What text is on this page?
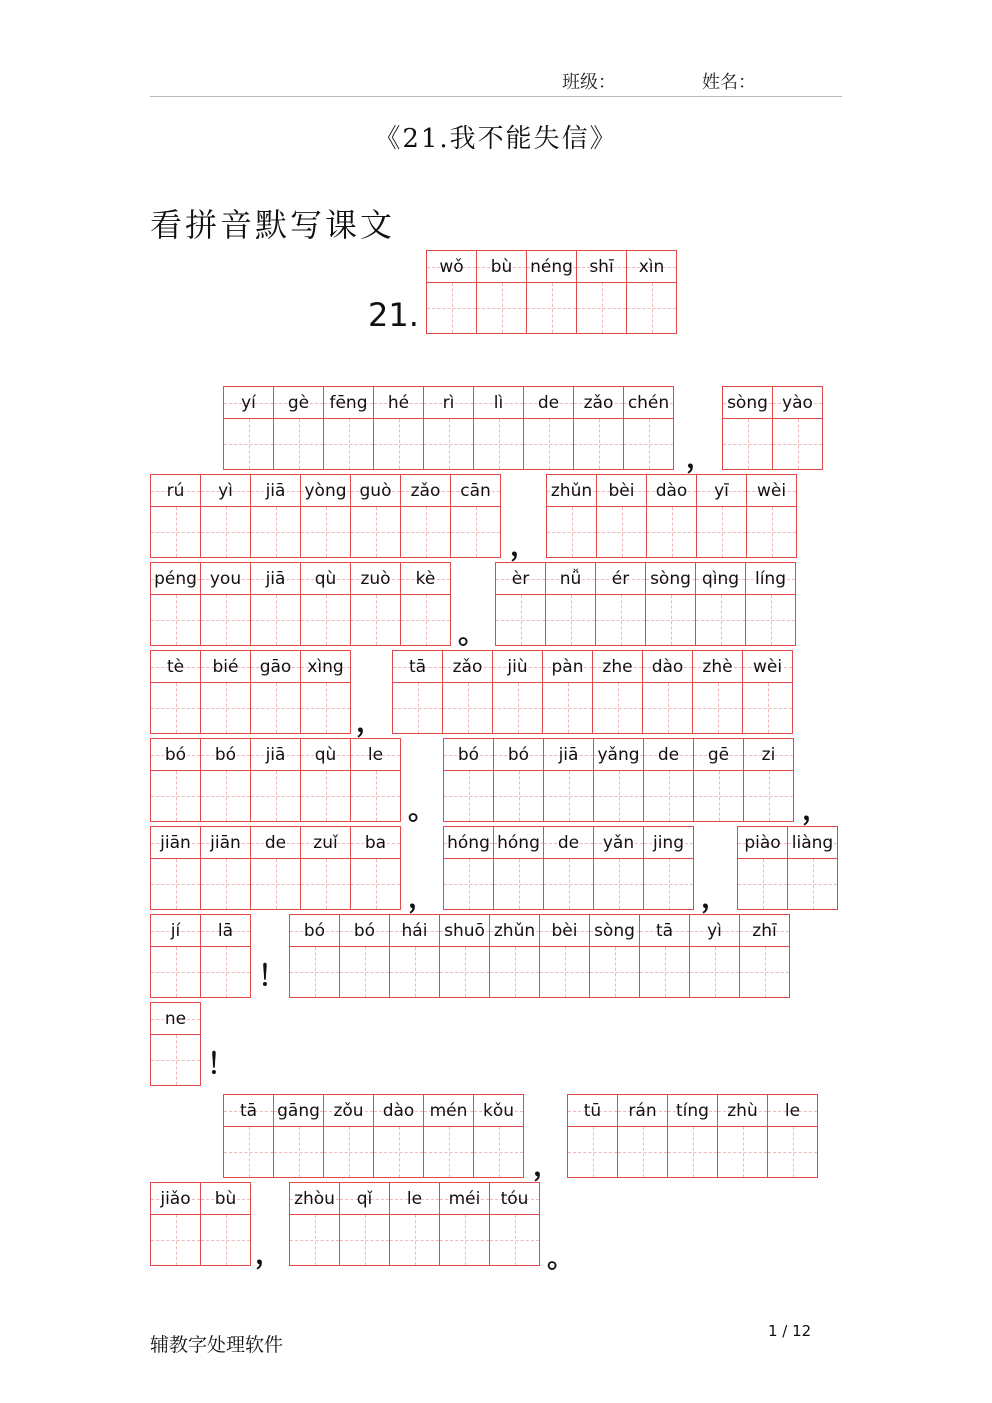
班级：	姓名：
《21.我不能失信》
看拼音默写课文
21.
wǒ bù néng shī xìn
yí gè fēng hé rì lì de zǎo chén	sòng yào
rú yì jiā yòng guò zǎo cān	zhǔn bèi dào yī wèi
péng you jiā qù zuò kè	èr nǚ ér sòng qìng líng
tè bié gāo xìng	tā zǎo jiù pàn zhe dào zhè wèi
bó bó jiā qù le	bó bó jiā yǎng de gē zi
jiān jiān de zuǐ ba	hóng hóng de yǎn jing	piào liàng
jí lā	bó bó hái shuō zhǔn bèi sòng tā yì zhī
ne
tā gāng zǒu dào mén kǒu	tū rán tíng zhù le
jiǎo bù	zhòu qǐ le méi tóu
，
，
。
，
。	，
，	，
！
！
，
，	。
辅教字处理软件
1 / 12
